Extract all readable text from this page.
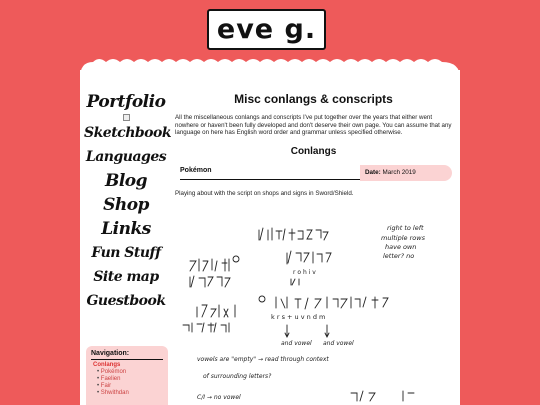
eve g.
Portfolio
Sketchbook
Languages
Blog
Shop
Links
Fun Stuff
Site map
Guestbook
Navigation:
Conlangs
• Pokémon
• Faelien
• Fair
• Shwithdan
Misc conlangs & conscripts

All the miscellaneous conlangs and conscripts I've put together over the years that either went nowhere or haven't been fully developed and don't deserve their own page. You can assume that any language on here has English word order and grammar unless specified otherwise.

Conlangs
Pokémon	Date: March 2019

Playing about with the script on shops and signs in Sword/Shield.

right to left
multiple rows
have own
letter? no
r o h i v
k r s + u v n d m
and vowel and vowel
vowels are "empty" → read through context
of surrounding letters?
C/I → no vowel
